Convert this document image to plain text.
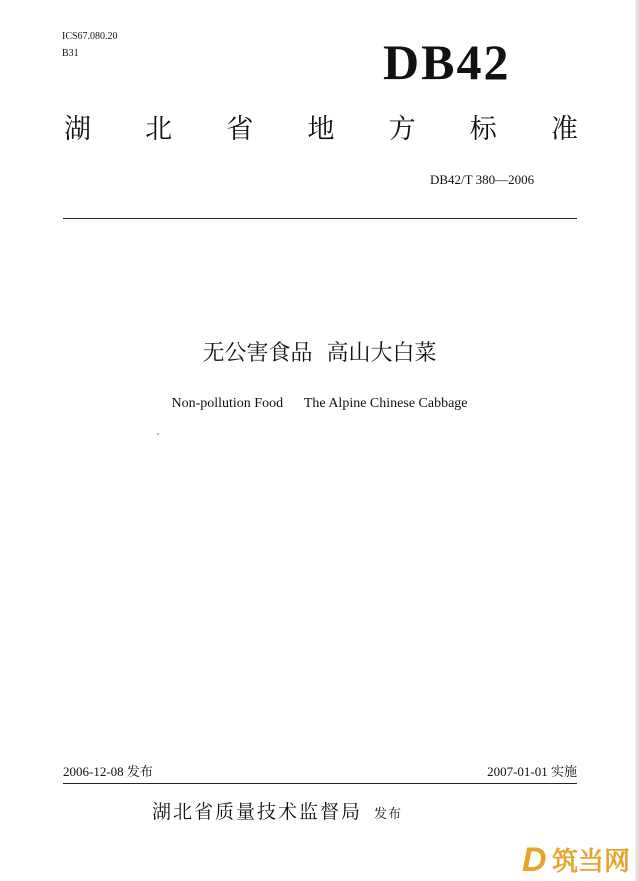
ICS67.080.20
B31	DB42
湖 北 省 地 方 标 准
DB42/T 380—2006
无公害食品  高山大白菜
Non-pollution Food      The Alpine Chinese Cabbage
2006-12-08 发布	2007-01-01 实施
湖北省质量技术监督局 发布
D 筑当网
